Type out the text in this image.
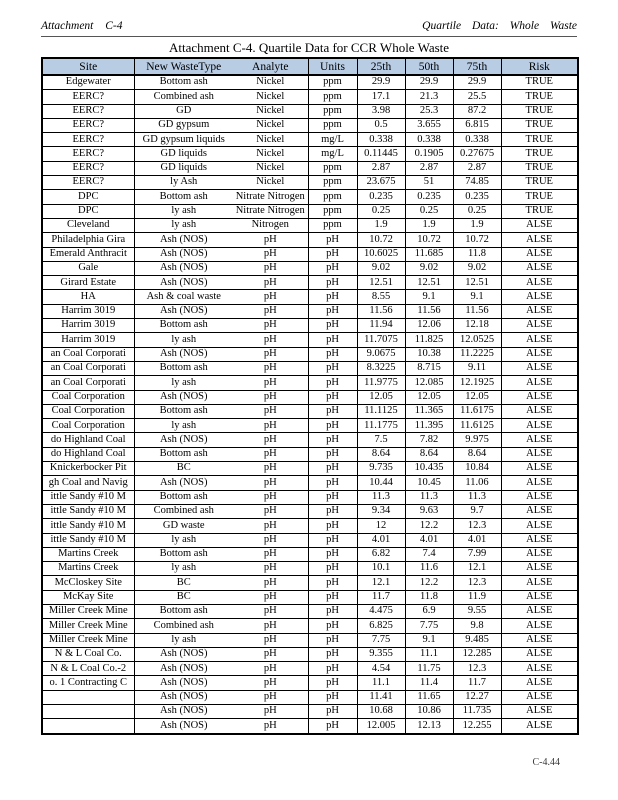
Attachment C-4	Quartile Data: Whole Waste
Attachment C-4. Quartile Data for CCR Whole Waste
Site	New WasteType	Analyte	Units	25th	50th	75th	Risk
Edgewater	Bottom ash	Nickel	ppm	29.9	29.9	29.9	TRUE
EERC?	Combined ash	Nickel	ppm	17.1	21.3	25.5	TRUE
EERC?	GD	Nickel	ppm	3.98	25.3	87.2	TRUE
EERC?	GD gypsum	Nickel	ppm	0.5	3.655	6.815	TRUE
EERC?	GD gypsum liquids	Nickel	mg/L	0.338	0.338	0.338	TRUE
EERC?	GD liquids	Nickel	mg/L	0.11445	0.1905	0.27675	TRUE
EERC?	GD liquids	Nickel	ppm	2.87	2.87	2.87	TRUE
EERC?	ly Ash	Nickel	ppm	23.675	51	74.85	TRUE
DPC	Bottom ash	Nitrate Nitrogen	ppm	0.235	0.235	0.235	TRUE
DPC	ly ash	Nitrate Nitrogen	ppm	0.25	0.25	0.25	TRUE
Cleveland	ly ash	Nitrogen	ppm	1.9	1.9	1.9	ALSE
Philadelphia Gira	Ash (NOS)	pH	pH	10.72	10.72	10.72	ALSE
Emerald Anthracit	Ash (NOS)	pH	pH	10.6025	11.685	11.8	ALSE
Gale	Ash (NOS)	pH	pH	9.02	9.02	9.02	ALSE
Girard Estate	Ash (NOS)	pH	pH	12.51	12.51	12.51	ALSE
HA	Ash & coal waste	pH	pH	8.55	9.1	9.1	ALSE
Harrim 3019	Ash (NOS)	pH	pH	11.56	11.56	11.56	ALSE
Harrim 3019	Bottom ash	pH	pH	11.94	12.06	12.18	ALSE
Harrim 3019	ly ash	pH	pH	11.7075	11.825	12.0525	ALSE
an Coal Corporati	Ash (NOS)	pH	pH	9.0675	10.38	11.2225	ALSE
an Coal Corporati	Bottom ash	pH	pH	8.3225	8.715	9.11	ALSE
an Coal Corporati	ly ash	pH	pH	11.9775	12.085	12.1925	ALSE
Coal Corporation	Ash (NOS)	pH	pH	12.05	12.05	12.05	ALSE
Coal Corporation	Bottom ash	pH	pH	11.1125	11.365	11.6175	ALSE
Coal Corporation	ly ash	pH	pH	11.1775	11.395	11.6125	ALSE
do Highland Coal	Ash (NOS)	pH	pH	7.5	7.82	9.975	ALSE
do Highland Coal	Bottom ash	pH	pH	8.64	8.64	8.64	ALSE
Knickerbocker Pit	BC	pH	pH	9.735	10.435	10.84	ALSE
gh Coal and Navig	Ash (NOS)	pH	pH	10.44	10.45	11.06	ALSE
ittle Sandy #10 M	Bottom ash	pH	pH	11.3	11.3	11.3	ALSE
ittle Sandy #10 M	Combined ash	pH	pH	9.34	9.63	9.7	ALSE
ittle Sandy #10 M	GD waste	pH	pH	12	12.2	12.3	ALSE
ittle Sandy #10 M	ly ash	pH	pH	4.01	4.01	4.01	ALSE
Martins Creek	Bottom ash	pH	pH	6.82	7.4	7.99	ALSE
Martins Creek	ly ash	pH	pH	10.1	11.6	12.1	ALSE
McCloskey Site	BC	pH	pH	12.1	12.2	12.3	ALSE
McKay Site	BC	pH	pH	11.7	11.8	11.9	ALSE
Miller Creek Mine	Bottom ash	pH	pH	4.475	6.9	9.55	ALSE
Miller Creek Mine	Combined ash	pH	pH	6.825	7.75	9.8	ALSE
Miller Creek Mine	ly ash	pH	pH	7.75	9.1	9.485	ALSE
N & L Coal Co.	Ash (NOS)	pH	pH	9.355	11.1	12.285	ALSE
N & L Coal Co.-2	Ash (NOS)	pH	pH	4.54	11.75	12.3	ALSE
o. 1 Contracting C	Ash (NOS)	pH	pH	11.1	11.4	11.7	ALSE
	Ash (NOS)	pH	pH	11.41	11.65	12.27	ALSE
	Ash (NOS)	pH	pH	10.68	10.86	11.735	ALSE
	Ash (NOS)	pH	pH	12.005	12.13	12.255	ALSE
C-4.44
